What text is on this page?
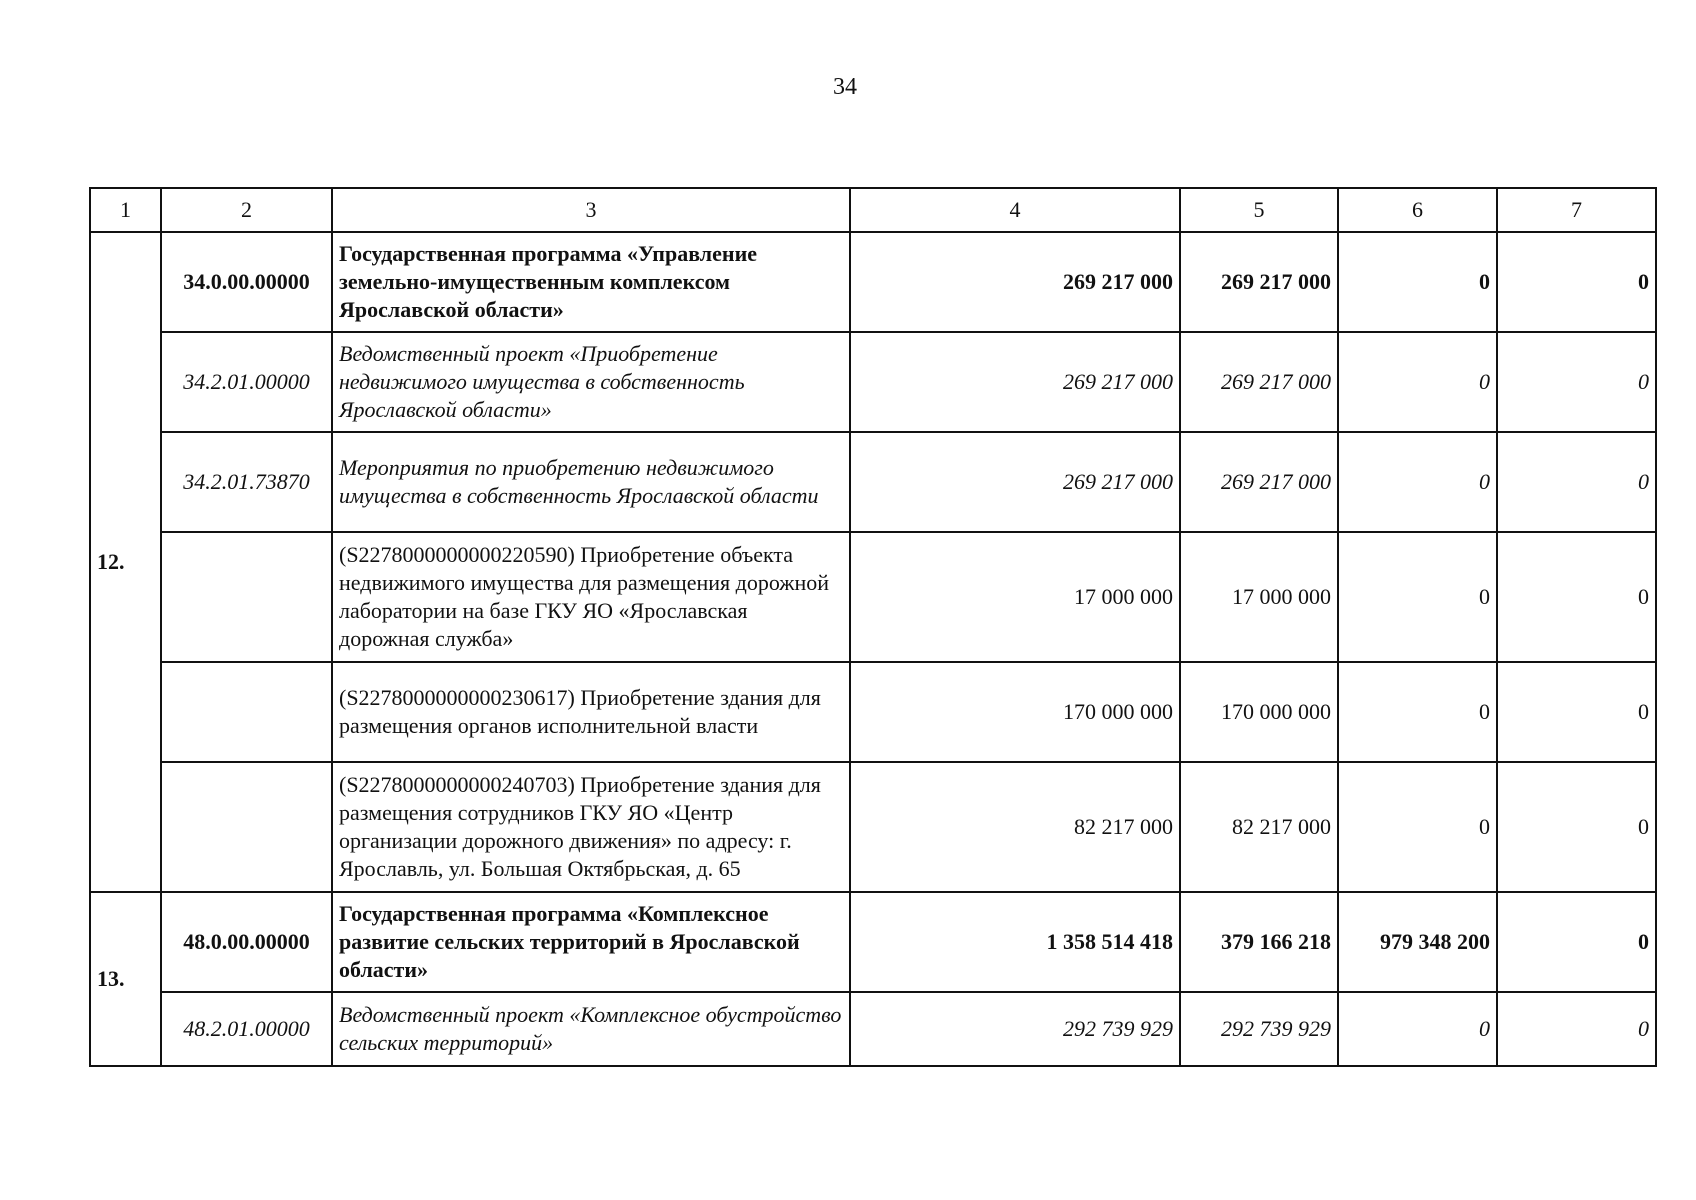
34
1	2	3	4	5	6	7
12.	34.0.00.00000	Государственная программа «Управление земельно-имущественным комплексом Ярославской области»	269 217 000	269 217 000	0	0
	34.2.01.00000	Ведомственный проект «Приобретение недвижимого имущества в собственность Ярославской области»	269 217 000	269 217 000	0	0
	34.2.01.73870	Мероприятия по приобретению недвижимого имущества в собственность Ярославской области	269 217 000	269 217 000	0	0
		(S2278000000000220590) Приобретение объекта недвижимого имущества для размещения дорожной лаборатории на базе ГКУ ЯО «Ярославская дорожная служба»	17 000 000	17 000 000	0	0
		(S2278000000000230617) Приобретение здания для размещения органов исполнительной власти	170 000 000	170 000 000	0	0
		(S2278000000000240703) Приобретение здания для размещения сотрудников ГКУ ЯО «Центр организации дорожного движения» по адресу: г. Ярославль, ул. Большая Октябрьская, д. 65	82 217 000	82 217 000	0	0
13.	48.0.00.00000	Государственная программа «Комплексное развитие сельских территорий в Ярославской области»	1 358 514 418	379 166 218	979 348 200	0
	48.2.01.00000	Ведомственный проект «Комплексное обустройство сельских территорий»	292 739 929	292 739 929	0	0
